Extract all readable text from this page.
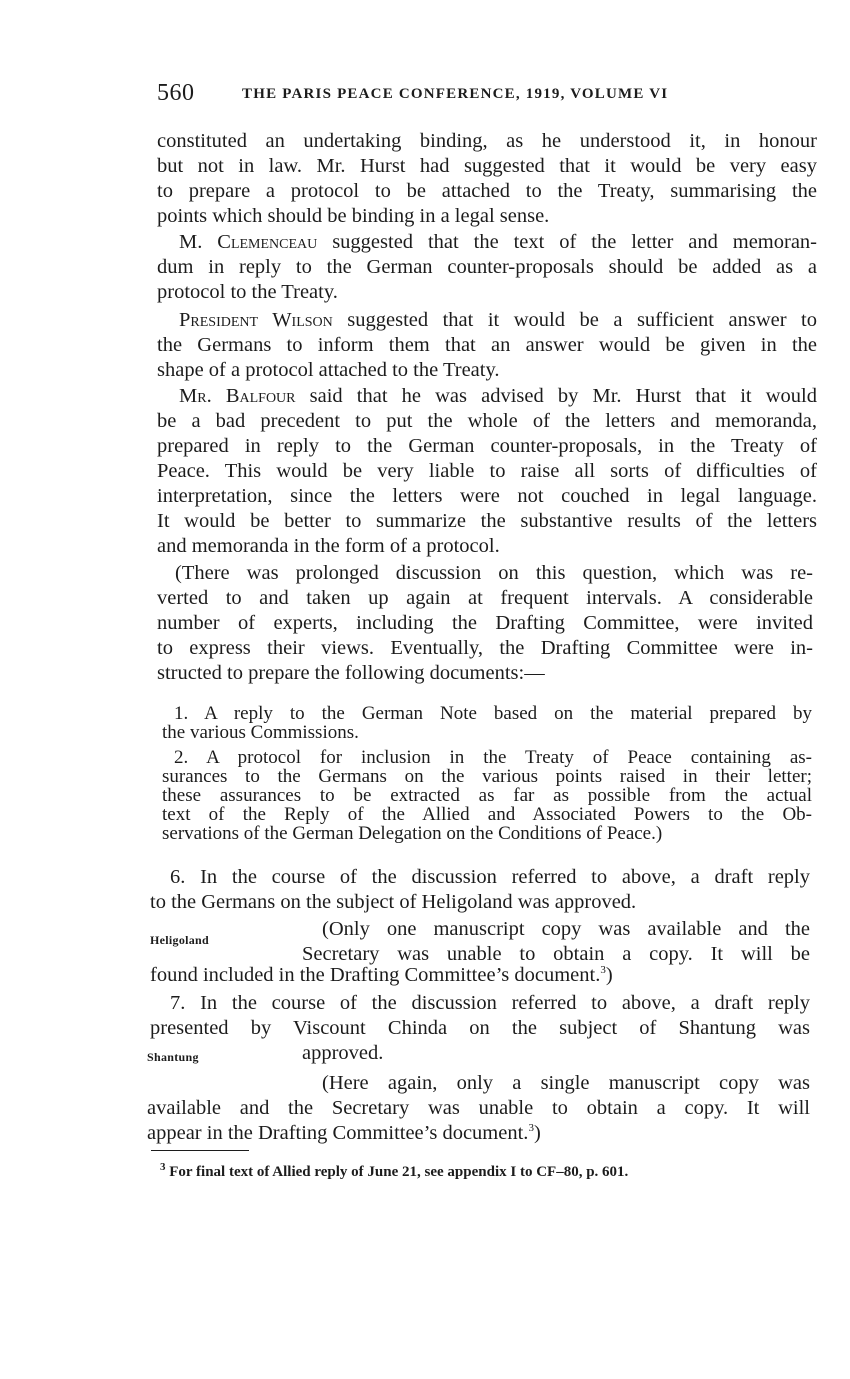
560	THE PARIS PEACE CONFERENCE, 1919, VOLUME VI
constituted an undertaking binding, as he understood it, in honour
but not in law. Mr. Hurst had suggested that it would be very easy
to prepare a protocol to be attached to the Treaty, summarising the
points which should be binding in a legal sense.
M. Clemenceau suggested that the text of the letter and memoran-
dum in reply to the German counter-proposals should be added as a
protocol to the Treaty.
President Wilson suggested that it would be a sufficient answer to
the Germans to inform them that an answer would be given in the
shape of a protocol attached to the Treaty.
Mr. Balfour said that he was advised by Mr. Hurst that it would
be a bad precedent to put the whole of the letters and memoranda,
prepared in reply to the German counter-proposals, in the Treaty of
Peace. This would be very liable to raise all sorts of difficulties of
interpretation, since the letters were not couched in legal language.
It would be better to summarize the substantive results of the letters
and memoranda in the form of a protocol.
(There was prolonged discussion on this question, which was re-
verted to and taken up again at frequent intervals. A considerable
number of experts, including the Drafting Committee, were invited
to express their views. Eventually, the Drafting Committee were in-
structed to prepare the following documents:—
1. A reply to the German Note based on the material prepared by
the various Commissions.
2. A protocol for inclusion in the Treaty of Peace containing as-
surances to the Germans on the various points raised in their letter;
these assurances to be extracted as far as possible from the actual
text of the Reply of the Allied and Associated Powers to the Ob-
servations of the German Delegation on the Conditions of Peace.)
6. In the course of the discussion referred to above, a draft reply
to the Germans on the subject of Heligoland was approved.
Heligoland	(Only one manuscript copy was available and the
Secretary was unable to obtain a copy. It will be
found included in the Drafting Committee’s document.$^3$)
7. In the course of the discussion referred to above, a draft reply
presented by Viscount Chinda on the subject of Shantung was
Shantung	approved.
(Here again, only a single manuscript copy was
available and the Secretary was unable to obtain a copy. It will
appear in the Drafting Committee’s document.$^3$)
$^3$ For final text of Allied reply of June 21, see appendix I to CF–80, p. 601.
